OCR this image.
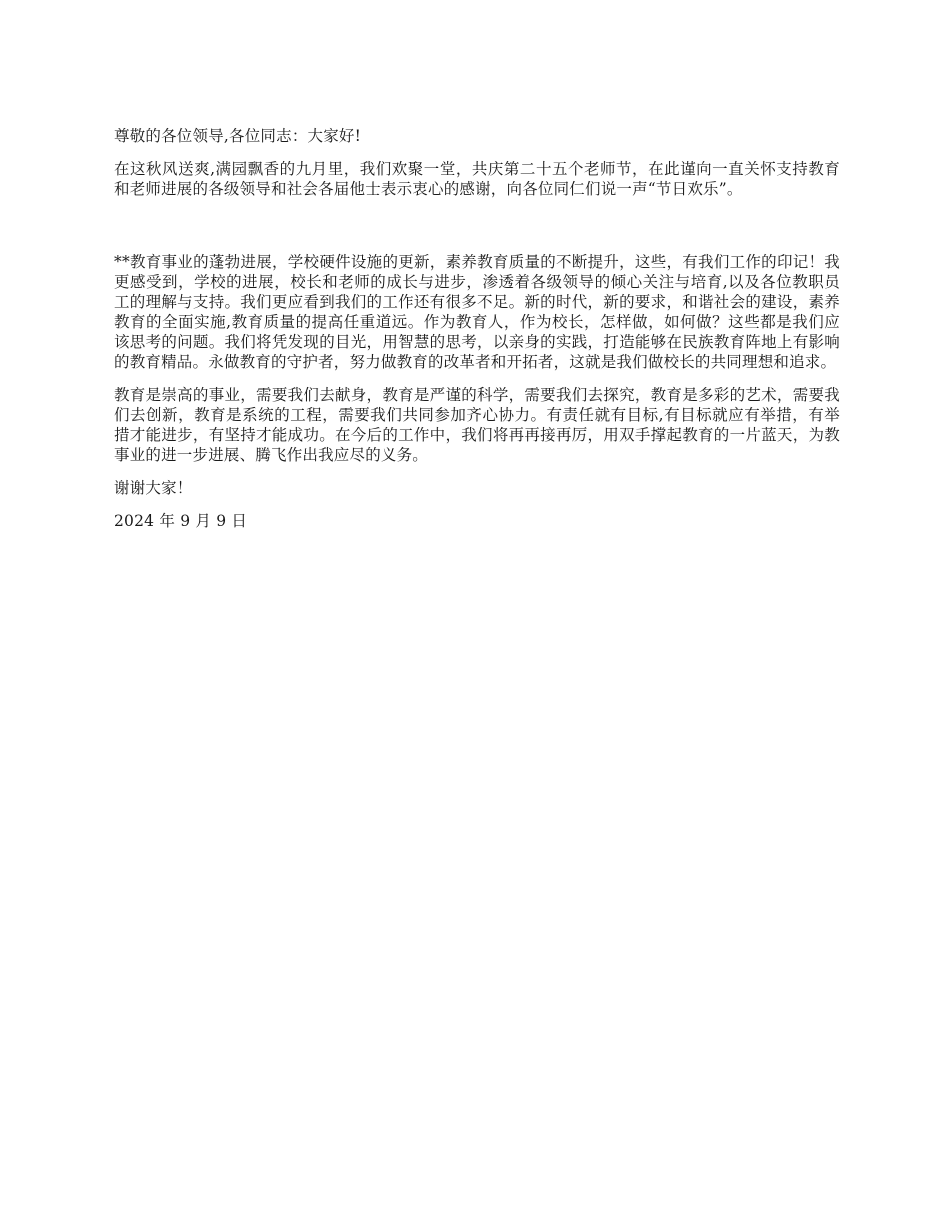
尊敬的各位领导,各位同志：大家好!

在这秋风送爽,满园飘香的九月里，我们欢聚一堂，共庆第二十五个老师节，在此谨向一直关怀支持教育和老师进展的各级领导和社会各届他士表示衷心的感谢，向各位同仁们说一声“节日欢乐”。

**教育事业的蓬勃进展，学校硬件设施的更新，素养教育质量的不断提升，这些，有我们工作的印记！我更感受到，学校的进展，校长和老师的成长与进步，渗透着各级领导的倾心关注与培育,以及各位教职员工的理解与支持。我们更应看到我们的工作还有很多不足。新的时代，新的要求，和谐社会的建设，素养教育的全面实施,教育质量的提高任重道远。作为教育人，作为校长，怎样做，如何做？这些都是我们应该思考的问题。我们将凭发现的目光，用智慧的思考，以亲身的实践，打造能够在民族教育阵地上有影响的教育精品。永做教育的守护者，努力做教育的改革者和开拓者，这就是我们做校长的共同理想和追求。

教育是崇高的事业，需要我们去献身，教育是严谨的科学，需要我们去探究，教育是多彩的艺术，需要我们去创新，教育是系统的工程，需要我们共同参加齐心协力。有责任就有目标,有目标就应有举措，有举措才能进步，有坚持才能成功。在今后的工作中，我们将再再接再厉，用双手撑起教育的一片蓝天，为教事业的进一步进展、腾飞作出我应尽的义务。

谢谢大家！

2024 年 9 月 9 日
